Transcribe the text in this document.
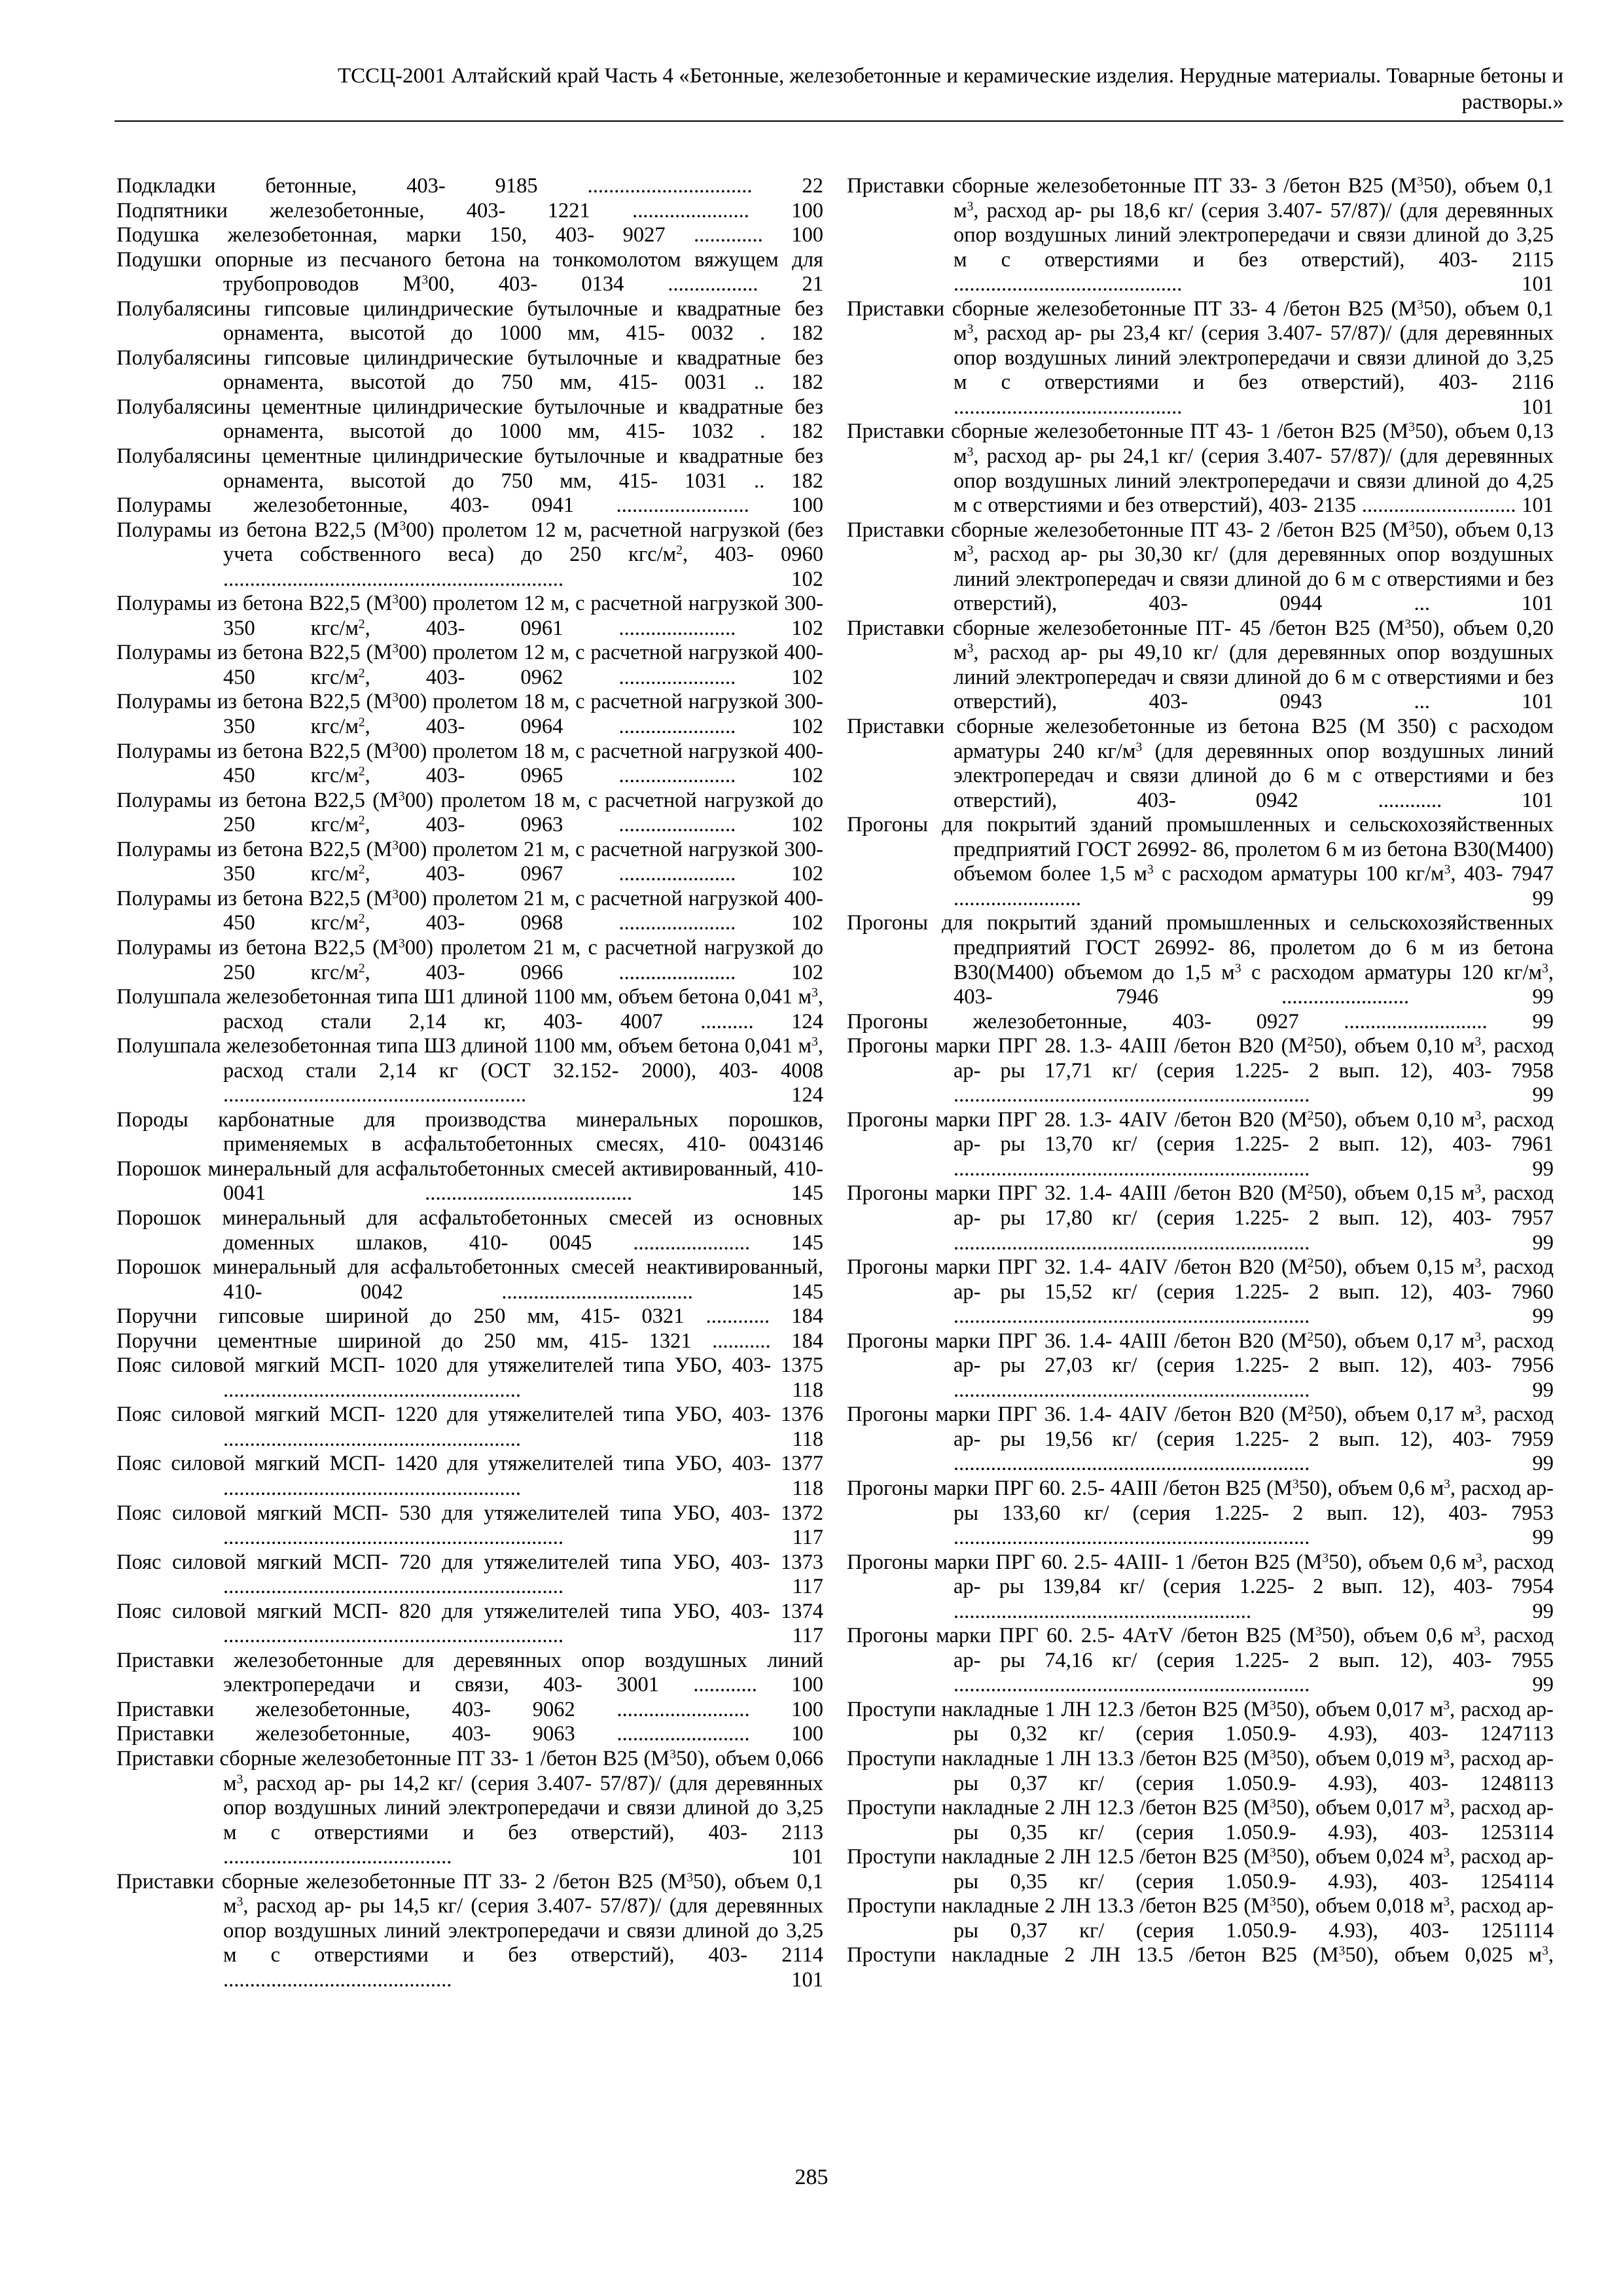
ТССЦ-2001 Алтайский край Часть 4 «Бетонные, железобетонные и керамические изделия. Нерудные материалы. Товарные бетоны и
растворы.»

Подкладки бетонные, 403- 9185 ............................... 22

Подпятники железобетонные, 403- 1221 ...................... 100

Подушка железобетонная, марки 150, 403- 9027 ............. 100

Подушки опорные из песчаного бетона на тонкомолотом вяжущем для трубопроводов $М^300$, 403- 0134 ................. 21

Полубалясины гипсовые цилиндрические бутылочные и квадратные без орнамента, высотой до 1000 мм, 415- 0032 . 182

Полубалясины гипсовые цилиндрические бутылочные и квадратные без орнамента, высотой до 750 мм, 415- 0031 .. 182

Полубалясины цементные цилиндрические бутылочные и квадратные без орнамента, высотой до 1000 мм, 415- 1032 . 182

Полубалясины цементные цилиндрические бутылочные и квадратные без орнамента, высотой до 750 мм, 415- 1031 .. 182

Полурамы железобетонные, 403- 0941 ......................... 100

Полурамы из бетона В22,5 $(М^300)$ пролетом 12 м, расчетной нагрузкой (без учета собственного веса) до 250 кгс/$м^2$, 403- 0960 ................................................................ 102

Полурамы из бетона В22,5 $(М^300)$ пролетом 12 м, с расчетной нагрузкой 300- 350 кгс/$м^2$, 403- 0961 ...................... 102

Полурамы из бетона В22,5 $(М^300)$ пролетом 12 м, с расчетной нагрузкой 400- 450 кгс/$м^2$, 403- 0962 ...................... 102

Полурамы из бетона В22,5 $(М^300)$ пролетом 18 м, с расчетной нагрузкой 300- 350 кгс/$м^2$, 403- 0964 ...................... 102

Полурамы из бетона В22,5 $(М^300)$ пролетом 18 м, с расчетной нагрузкой 400- 450 кгс/$м^2$, 403- 0965 ...................... 102

Полурамы из бетона В22,5 $(М^300)$ пролетом 18 м, с расчетной нагрузкой до 250 кгс/$м^2$, 403- 0963 ...................... 102

Полурамы из бетона В22,5 $(М^300)$ пролетом 21 м, с расчетной нагрузкой 300- 350 кгс/$м^2$, 403- 0967 ...................... 102

Полурамы из бетона В22,5 $(М^300)$ пролетом 21 м, с расчетной нагрузкой 400- 450 кгс/$м^2$, 403- 0968 ...................... 102

Полурамы из бетона В22,5 $(М^300)$ пролетом 21 м, с расчетной нагрузкой до 250 кгс/$м^2$, 403- 0966 ...................... 102

Полушпала железобетонная типа Ш1 длиной 1100 мм, объем бетона 0,041 $м^3$, расход стали 2,14 кг, 403- 4007 .......... 124

Полушпала железобетонная типа Ш3 длиной 1100 мм, объем бетона 0,041 $м^3$, расход стали 2,14 кг (ОСТ 32.152- 2000), 403- 4008 ......................................................... 124

Породы карбонатные для производства минеральных порошков, применяемых в асфальтобетонных смесях, 410- 0043146

Порошок минеральный для асфальтобетонных смесей активированный, 410- 0041 ....................................... 145

Порошок минеральный для асфальтобетонных смесей из основных доменных шлаков, 410- 0045 ...................... 145

Порошок минеральный для асфальтобетонных смесей неактивированный, 410- 0042 .................................... 145

Поручни гипсовые шириной до 250 мм, 415- 0321 ............ 184

Поручни цементные шириной до 250 мм, 415- 1321 ........... 184

Пояс силовой мягкий МСП- 1020 для утяжелителей типа УБО, 403- 1375 ........................................................ 118

Пояс силовой мягкий МСП- 1220 для утяжелителей типа УБО, 403- 1376 ........................................................ 118

Пояс силовой мягкий МСП- 1420 для утяжелителей типа УБО, 403- 1377 ........................................................ 118

Пояс силовой мягкий МСП- 530 для утяжелителей типа УБО, 403- 1372 ................................................................ 117

Пояс силовой мягкий МСП- 720 для утяжелителей типа УБО, 403- 1373 ................................................................ 117

Пояс силовой мягкий МСП- 820 для утяжелителей типа УБО, 403- 1374 ................................................................ 117

Приставки железобетонные для деревянных опор воздушных линий электропередачи и связи, 403- 3001 ............ 100

Приставки железобетонные, 403- 9062 ......................... 100

Приставки железобетонные, 403- 9063 ......................... 100

Приставки сборные железобетонные ПТ 33- 1 /бетон В25 $(М^350)$, объем 0,066 $м^3$, расход ар- ры 14,2 кг/ (серия 3.407- 57/87)/ (для деревянных опор воздушных линий электропередачи и связи длиной до 3,25 м с отверстиями и без отверстий), 403- 2113 ........................................... 101

Приставки сборные железобетонные ПТ 33- 2 /бетон В25 $(М^350)$, объем 0,1 $м^3$, расход ар- ры 14,5 кг/ (серия 3.407- 57/87)/ (для деревянных опор воздушных линий электропередачи и связи длиной до 3,25 м с отверстиями и без отверстий), 403- 2114 ........................................... 101

Приставки сборные железобетонные ПТ 33- 3 /бетон В25 $(М^350)$, объем 0,1 $м^3$, расход ар- ры 18,6 кг/ (серия 3.407- 57/87)/ (для деревянных опор воздушных линий электропередачи и связи длиной до 3,25 м с отверстиями и без отверстий), 403- 2115 ........................................... 101

Приставки сборные железобетонные ПТ 33- 4 /бетон В25 $(М^350)$, объем 0,1 $м^3$, расход ар- ры 23,4 кг/ (серия 3.407- 57/87)/ (для деревянных опор воздушных линий электропередачи и связи длиной до 3,25 м с отверстиями и без отверстий), 403- 2116 ........................................... 101

Приставки сборные железобетонные ПТ 43- 1 /бетон В25 $(М^350)$, объем 0,13 $м^3$, расход ар- ры 24,1 кг/ (серия 3.407- 57/87)/ (для деревянных опор воздушных линий электропередачи и связи длиной до 4,25 м с отверстиями и без отверстий), 403- 2135 ............................. 101

Приставки сборные железобетонные ПТ 43- 2 /бетон В25 $(М^350)$, объем 0,13 $м^3$, расход ар- ры 30,30 кг/ (для деревянных опор воздушных линий электропередач и связи длиной до 6 м с отверстиями и без отверстий), 403- 0944 ... 101

Приставки сборные железобетонные ПТ- 45 /бетон В25 $(М^350)$, объем 0,20 $м^3$, расход ар- ры 49,10 кг/ (для деревянных опор воздушных линий электропередач и связи длиной до 6 м с отверстиями и без отверстий), 403- 0943 ... 101

Приставки сборные железобетонные из бетона В25 (М 350) с расходом арматуры 240 $кг/м^3$ (для деревянных опор воздушных линий электропередач и связи длиной до 6 м с отверстиями и без отверстий), 403- 0942 ............ 101

Прогоны для покрытий зданий промышленных и сельскохозяйственных предприятий ГОСТ 26992- 86, пролетом 6 м из бетона В30(М400) объемом более 1,5 $м^3$ с расходом арматуры 100 $кг/м^3$, 403- 7947 ........................ 99

Прогоны для покрытий зданий промышленных и сельскохозяйственных предприятий ГОСТ 26992- 86, пролетом до 6 м из бетона В30(М400) объемом до 1,5 $м^3$ с расходом арматуры 120 $кг/м^3$, 403- 7946 ........................ 99

Прогоны железобетонные, 403- 0927 ........................... 99

Прогоны марки ПРГ 28. 1.3- 4AIII /бетон В20 $(М^250)$, объем 0,10 $м^3$, расход ар- ры 17,71 кг/ (серия 1.225- 2 вып. 12), 403- 7958 ................................................................... 99

Прогоны марки ПРГ 28. 1.3- 4AIV /бетон В20 $(М^250)$, объем 0,10 $м^3$, расход ар- ры 13,70 кг/ (серия 1.225- 2 вып. 12), 403- 7961 ................................................................... 99

Прогоны марки ПРГ 32. 1.4- 4AIII /бетон В20 $(М^250)$, объем 0,15 $м^3$, расход ар- ры 17,80 кг/ (серия 1.225- 2 вып. 12), 403- 7957 ................................................................... 99

Прогоны марки ПРГ 32. 1.4- 4AIV /бетон В20 $(М^250)$, объем 0,15 $м^3$, расход ар- ры 15,52 кг/ (серия 1.225- 2 вып. 12), 403- 7960 ................................................................... 99

Прогоны марки ПРГ 36. 1.4- 4AIII /бетон В20 $(М^250)$, объем 0,17 $м^3$, расход ар- ры 27,03 кг/ (серия 1.225- 2 вып. 12), 403- 7956 ................................................................... 99

Прогоны марки ПРГ 36. 1.4- 4AIV /бетон В20 $(М^250)$, объем 0,17 $м^3$, расход ар- ры 19,56 кг/ (серия 1.225- 2 вып. 12), 403- 7959 ................................................................... 99

Прогоны марки ПРГ 60. 2.5- 4AIII /бетон В25 $(М^350)$, объем 0,6 $м^3$, расход ар- ры 133,60 кг/ (серия 1.225- 2 вып. 12), 403- 7953 ................................................................... 99

Прогоны марки ПРГ 60. 2.5- 4AIII- 1 /бетон В25 $(М^350)$, объем 0,6 $м^3$, расход ар- ры 139,84 кг/ (серия 1.225- 2 вып. 12), 403- 7954 ........................................................ 99

Прогоны марки ПРГ 60. 2.5- 4AтV /бетон В25 $(М^350)$, объем 0,6 $м^3$, расход ар- ры 74,16 кг/ (серия 1.225- 2 вып. 12), 403- 7955 ................................................................... 99

Проступи накладные 1 ЛН 12.3 /бетон В25 $(М^350)$, объем 0,017 $м^3$, расход ар- ры 0,32 кг/ (серия 1.050.9- 4.93), 403- 1247113

Проступи накладные 1 ЛН 13.3 /бетон В25 $(М^350)$, объем 0,019 $м^3$, расход ар- ры 0,37 кг/ (серия 1.050.9- 4.93), 403- 1248113

Проступи накладные 2 ЛН 12.3 /бетон В25 $(М^350)$, объем 0,017 $м^3$, расход ар- ры 0,35 кг/ (серия 1.050.9- 4.93), 403- 1253114

Проступи накладные 2 ЛН 12.5 /бетон В25 $(М^350)$, объем 0,024 $м^3$, расход ар- ры 0,35 кг/ (серия 1.050.9- 4.93), 403- 1254114

Проступи накладные 2 ЛН 13.3 /бетон В25 $(М^350)$, объем 0,018 $м^3$, расход ар- ры 0,37 кг/ (серия 1.050.9- 4.93), 403- 1251114

Проступи накладные 2 ЛН 13.5 /бетон В25 $(М^350)$, объем 0,025 $м^3$,

285
